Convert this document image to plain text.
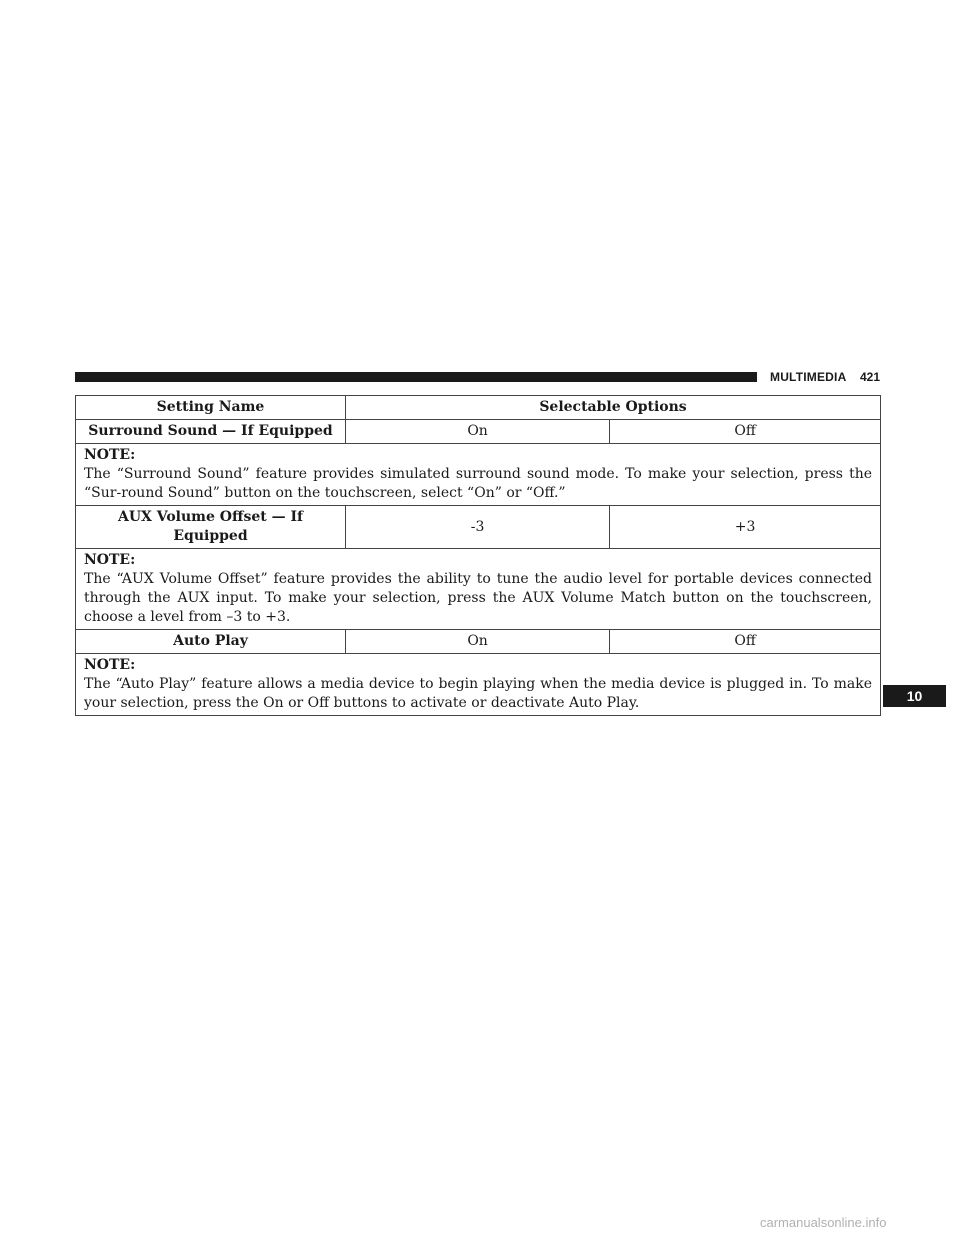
MULTIMEDIA 421
Setting Name	Selectable Options	
Surround Sound — If Equipped	On	Off

NOTE:
The “Surround Sound” feature provides simulated surround sound mode. To make your selection, press the “Sur-round Sound” button on the touchscreen, select “On” or “Off.”		
AUX Volume Offset — If Equipped	-3	+3

NOTE:
The “AUX Volume Offset” feature provides the ability to tune the audio level for portable devices connected through the AUX input. To make your selection, press the AUX Volume Match button on the touchscreen, choose a level from –3 to +3.		
Auto Play	On	Off

NOTE:
The “Auto Play” feature allows a media device to begin playing when the media device is plugged in. To make your selection, press the On or Off buttons to activate or deactivate Auto Play.			10
carmanualsonline.info
